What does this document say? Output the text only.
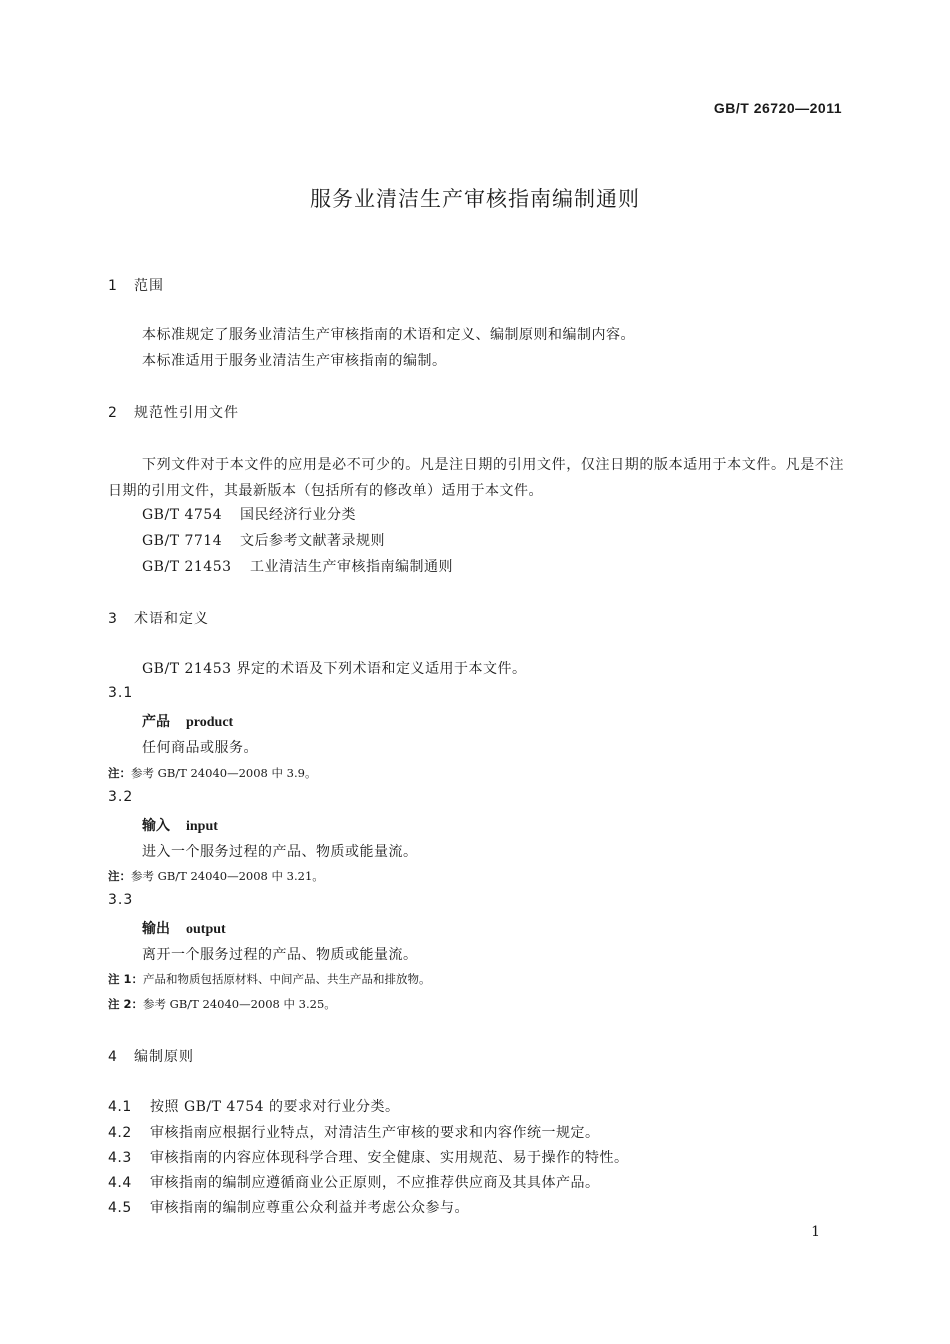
GB/T 26720—2011
服务业清洁生产审核指南编制通则
1 范围
本标准规定了服务业清洁生产审核指南的术语和定义、编制原则和编制内容。
本标准适用于服务业清洁生产审核指南的编制。
2 规范性引用文件
下列文件对于本文件的应用是必不可少的。凡是注日期的引用文件，仅注日期的版本适用于本文件。凡是不注日期的引用文件，其最新版本（包括所有的修改单）适用于本文件。
GB/T 4754 国民经济行业分类
GB/T 7714 文后参考文献著录规则
GB/T 21453 工业清洁生产审核指南编制通则
3 术语和定义
GB/T 21453 界定的术语及下列术语和定义适用于本文件。
3.1
产品 product
任何商品或服务。
注：参考 GB/T 24040—2008 中 3.9。
3.2
输入 input
进入一个服务过程的产品、物质或能量流。
注：参考 GB/T 24040—2008 中 3.21。
3.3
输出 output
离开一个服务过程的产品、物质或能量流。
注 1：产品和物质包括原材料、中间产品、共生产品和排放物。
注 2：参考 GB/T 24040—2008 中 3.25。
4 编制原则
4.1 按照 GB/T 4754 的要求对行业分类。
4.2 审核指南应根据行业特点，对清洁生产审核的要求和内容作统一规定。
4.3 审核指南的内容应体现科学合理、安全健康、实用规范、易于操作的特性。
4.4 审核指南的编制应遵循商业公正原则，不应推荐供应商及其具体产品。
4.5 审核指南的编制应尊重公众利益并考虑公众参与。
1
